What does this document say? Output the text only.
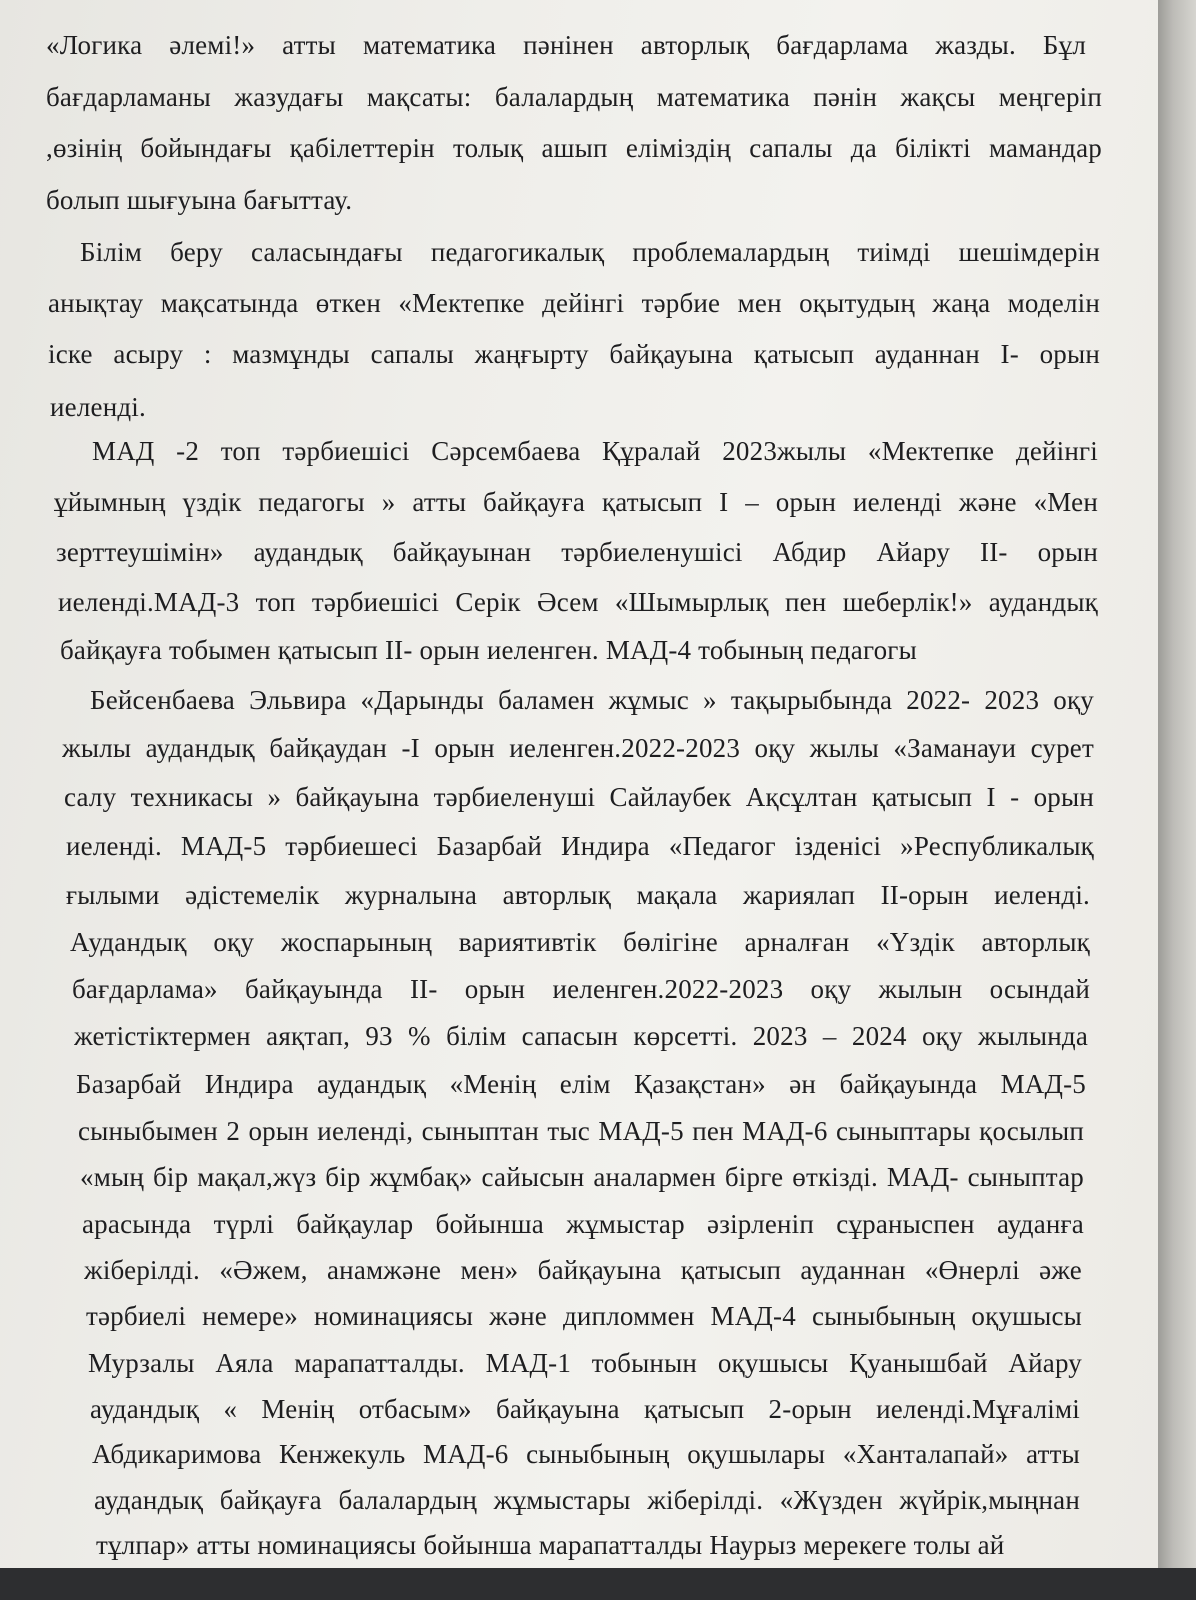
«Логика әлемі!» атты математика пәнінен авторлық бағдарлама жазды. Бұл

бағдарламаны жазудағы мақсаты: балалардың математика пәнін жақсы меңгеріп

,өзінің бойындағы қабілеттерін толық ашып еліміздің сапалы да білікті мамандар

болып шығуына бағыттау.

Білім беру саласындағы педагогикалық проблемалардың тиімді шешімдерін

анықтау мақсатында өткен «Мектепке дейінгі тәрбие мен оқытудың жаңа моделін

іске асыру : мазмұнды сапалы жаңғырту байқауына қатысып ауданнан І- орын

иеленді.

МАД -2 топ тәрбиешісі Сәрсембаева Құралай 2023жылы «Мектепке дейінгі

ұйымның үздік педагогы » атты байқауға қатысып І – орын иеленді және «Мен

зерттеушімін» аудандық байқауынан тәрбиеленушісі Абдир Айару ІІ- орын

иеленді.МАД-3 топ тәрбиешісі Серік Әсем «Шымырлық пен шеберлік!» аудандық

байқауға тобымен қатысып ІІ- орын иеленген. МАД-4 тобының педагогы

Бейсенбаева Эльвира «Дарынды баламен жұмыс » тақырыбында 2022- 2023 оқу

жылы аудандық байқаудан -І орын иеленген.2022-2023 оқу жылы «Заманауи сурет

салу техникасы » байқауына тәрбиеленуші Сайлаубек Ақсұлтан қатысып І - орын

иеленді. МАД-5 тәрбиешесі Базарбай Индира «Педагог ізденісі »Республикалық

ғылыми әдістемелік журналына авторлық мақала жариялап ІІ-орын иеленді.

Аудандық оқу жоспарының вариятивтік бөлігіне арналған «Үздік авторлық

бағдарлама» байқауында ІІ- орын иеленген.2022-2023 оқу жылын осындай

жетістіктермен аяқтап, 93 % білім сапасын көрсетті. 2023 – 2024 оқу жылында

Базарбай Индира аудандық «Менің елім Қазақстан» ән байқауында МАД-5

сыныбымен 2 орын иеленді, сыныптан тыс МАД-5 пен МАД-6 сыныптары қосылып

«мың бір мақал,жүз бір жұмбақ» сайысын аналармен бірге өткізді. МАД- сыныптар

арасында түрлі байқаулар бойынша жұмыстар әзірленіп сұраныспен ауданға

жіберілді. «Әжем, анамжәне мен» байқауына қатысып ауданнан «Өнерлі әже

тәрбиелі немере» номинациясы және дипломмен МАД-4 сыныбының оқушысы

Мурзалы Аяла марапатталды. МАД-1 тобынын оқушысы Қуанышбай Айару

аудандық « Менің отбасым» байқауына қатысып 2-орын иеленді.Мұғалімі

Абдикаримова Кенжекуль МАД-6 сыныбының оқушылары «Ханталапай» атты

аудандық байқауға балалардың жұмыстары жіберілді. «Жүзден жүйрік,мыңнан

тұлпар» атты номинациясы бойынша марапатталды Наурыз мерекеге толы ай
